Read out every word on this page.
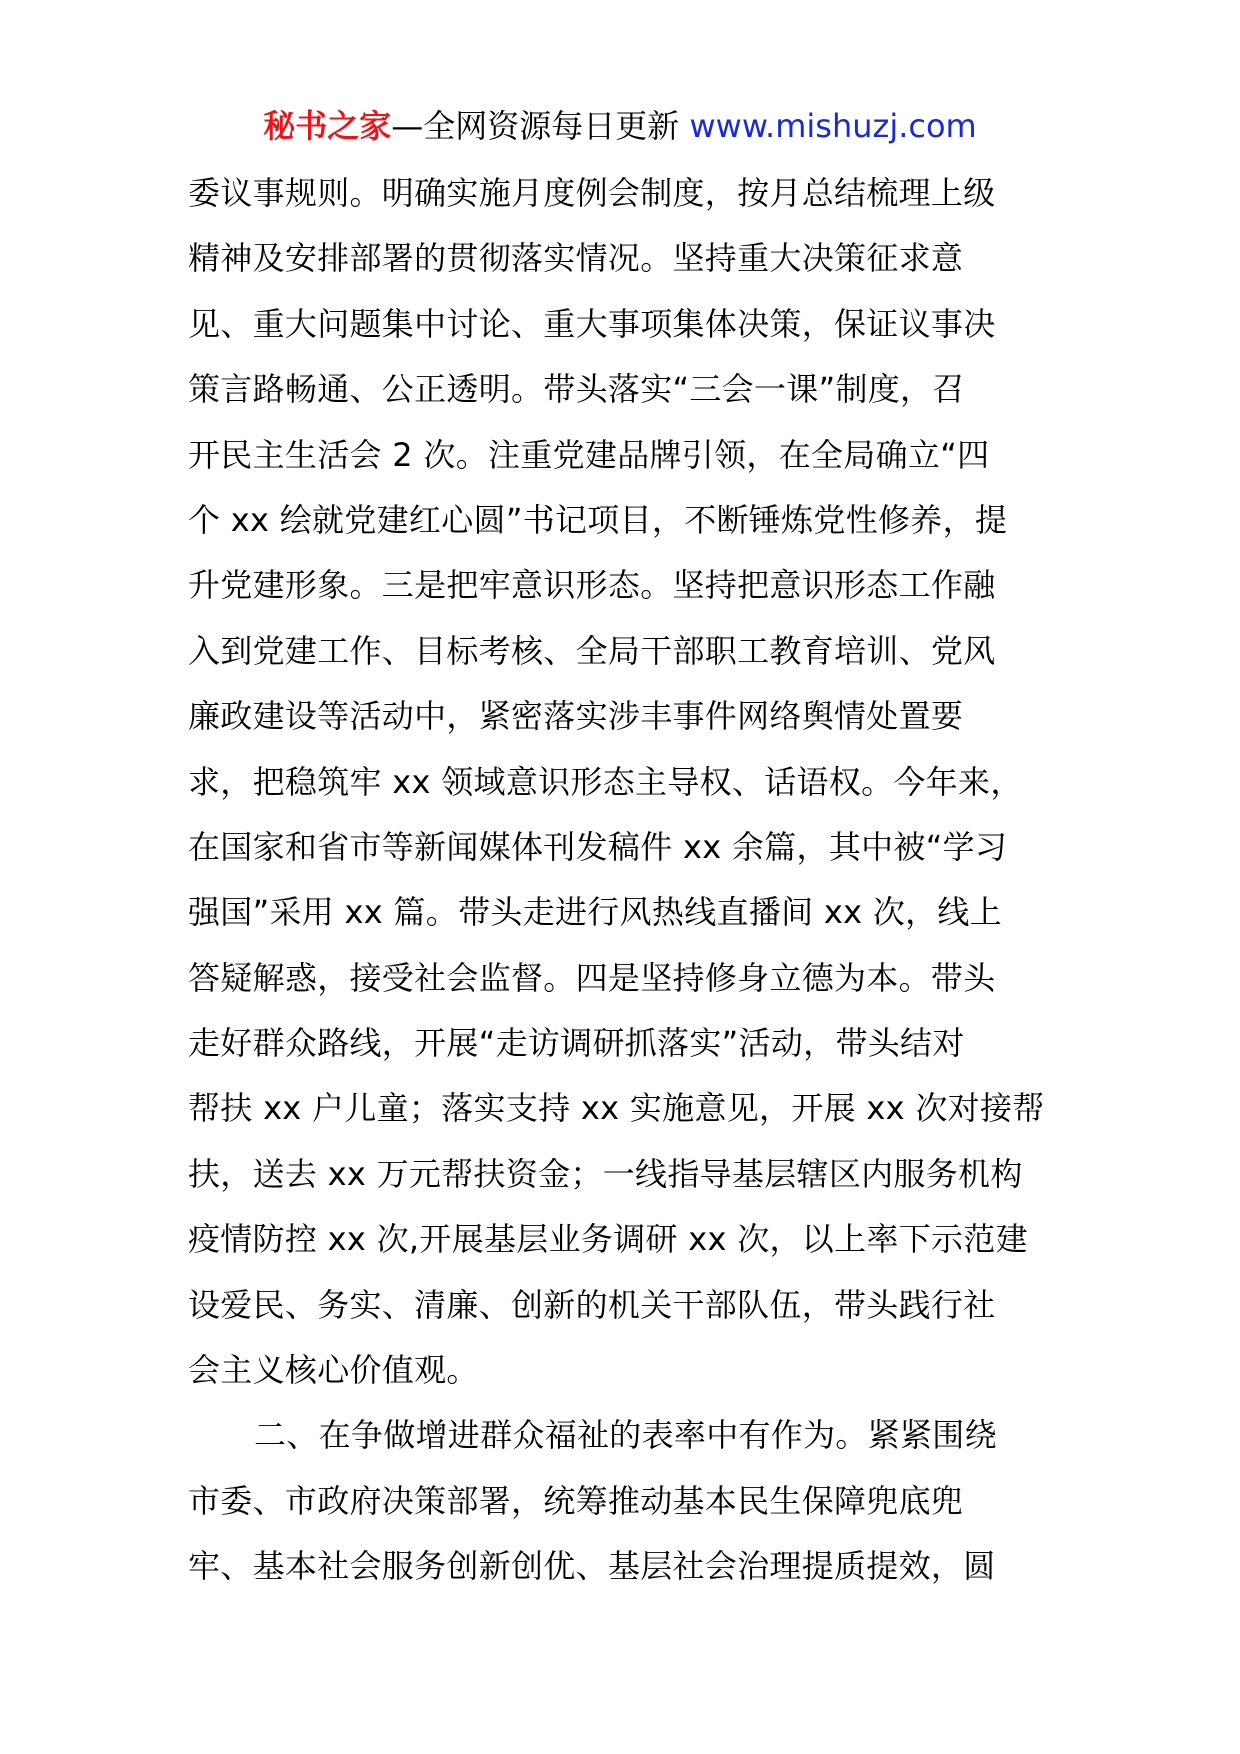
秘书之家—全网资源每日更新 www.mishuzj.com
委议事规则。明确实施月度例会制度，按月总结梳理上级
精神及安排部署的贯彻落实情况。坚持重大决策征求意
见、重大问题集中讨论、重大事项集体决策，保证议事决
策言路畅通、公正透明。带头落实“三会一课”制度，召
开民主生活会 2 次。注重党建品牌引领，在全局确立“四
个 xx 绘就党建红心圆”书记项目，不断锤炼党性修养，提
升党建形象。三是把牢意识形态。坚持把意识形态工作融
入到党建工作、目标考核、全局干部职工教育培训、党风
廉政建设等活动中，紧密落实涉丰事件网络舆情处置要
求，把稳筑牢 xx 领域意识形态主导权、话语权。今年来，
在国家和省市等新闻媒体刊发稿件 xx 余篇，其中被“学习
强国”采用 xx 篇。带头走进行风热线直播间 xx 次，线上
答疑解惑，接受社会监督。四是坚持修身立德为本。带头
走好群众路线，开展“走访调研抓落实”活动，带头结对
帮扶 xx 户儿童；落实支持 xx 实施意见，开展 xx 次对接帮
扶，送去 xx 万元帮扶资金；一线指导基层辖区内服务机构
疫情防控 xx 次,开展基层业务调研 xx 次，以上率下示范建
设爱民、务实、清廉、创新的机关干部队伍，带头践行社
会主义核心价值观。
二、在争做增进群众福祉的表率中有作为。紧紧围绕
市委、市政府决策部署，统筹推动基本民生保障兜底兜
牢、基本社会服务创新创优、基层社会治理提质提效，圆
